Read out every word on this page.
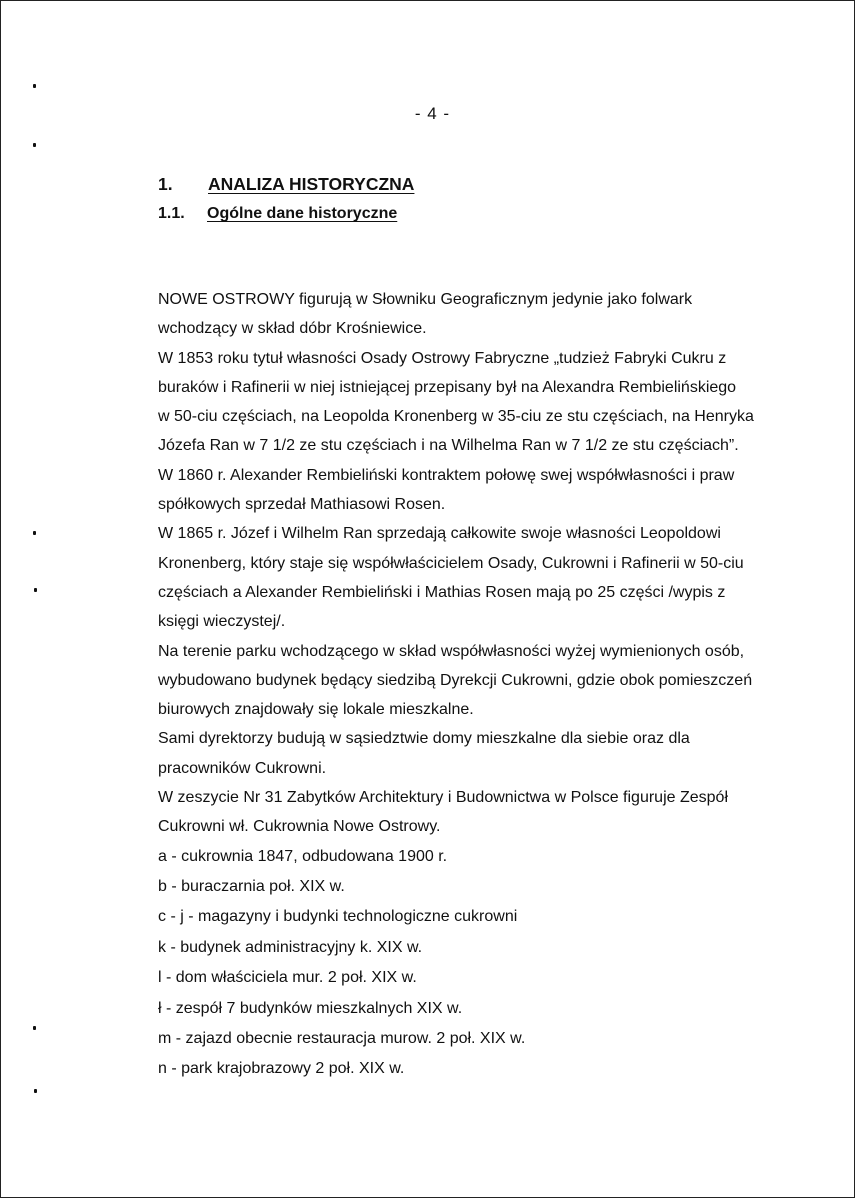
- 4 -
1. ANALIZA HISTORYCZNA
1.1. Ogólne dane historyczne

NOWE OSTROWY figurują w Słowniku Geograficznym jedynie jako folwark

wchodzący w skład dóbr Krośniewice.

W 1853 roku tytuł własności Osady Ostrowy Fabryczne „tudzież Fabryki Cukru z

buraków i Rafinerii w niej istniejącej przepisany był na Alexandra Rembielińskiego

w 50-ciu częściach, na Leopolda Kronenberg w 35-ciu ze stu częściach, na Henryka

Józefa Ran w 7 1/2 ze stu częściach i na Wilhelma Ran w 7 1/2 ze stu częściach”.

W 1860 r. Alexander Rembieliński kontraktem połowę swej współwłasności i praw

spółkowych sprzedał Mathiasowi Rosen.

W 1865 r. Józef i Wilhelm Ran sprzedają całkowite swoje własności Leopoldowi

Kronenberg, który staje się współwłaścicielem Osady, Cukrowni i Rafinerii w 50-ciu

częściach a Alexander Rembieliński i Mathias Rosen mają po 25 części /wypis z

księgi wieczystej/.

Na terenie parku wchodzącego w skład współwłasności wyżej wymienionych osób,

wybudowano budynek będący siedzibą Dyrekcji Cukrowni, gdzie obok pomieszczeń

biurowych znajdowały się lokale mieszkalne.

Sami dyrektorzy budują w sąsiedztwie domy mieszkalne dla siebie oraz dla

pracowników Cukrowni.

W zeszycie Nr 31 Zabytków Architektury i Budownictwa w Polsce figuruje Zespół

Cukrowni wł. Cukrownia Nowe Ostrowy.

a - cukrownia 1847, odbudowana 1900 r.

b - buraczarnia poł. XIX w.

c - j - magazyny i budynki technologiczne cukrowni

k - budynek administracyjny k. XIX w.

l - dom właściciela mur. 2 poł. XIX w.

ł - zespół 7 budynków mieszkalnych XIX w.

m - zajazd obecnie restauracja murow. 2 poł. XIX w.

n - park krajobrazowy 2 poł. XIX w.
